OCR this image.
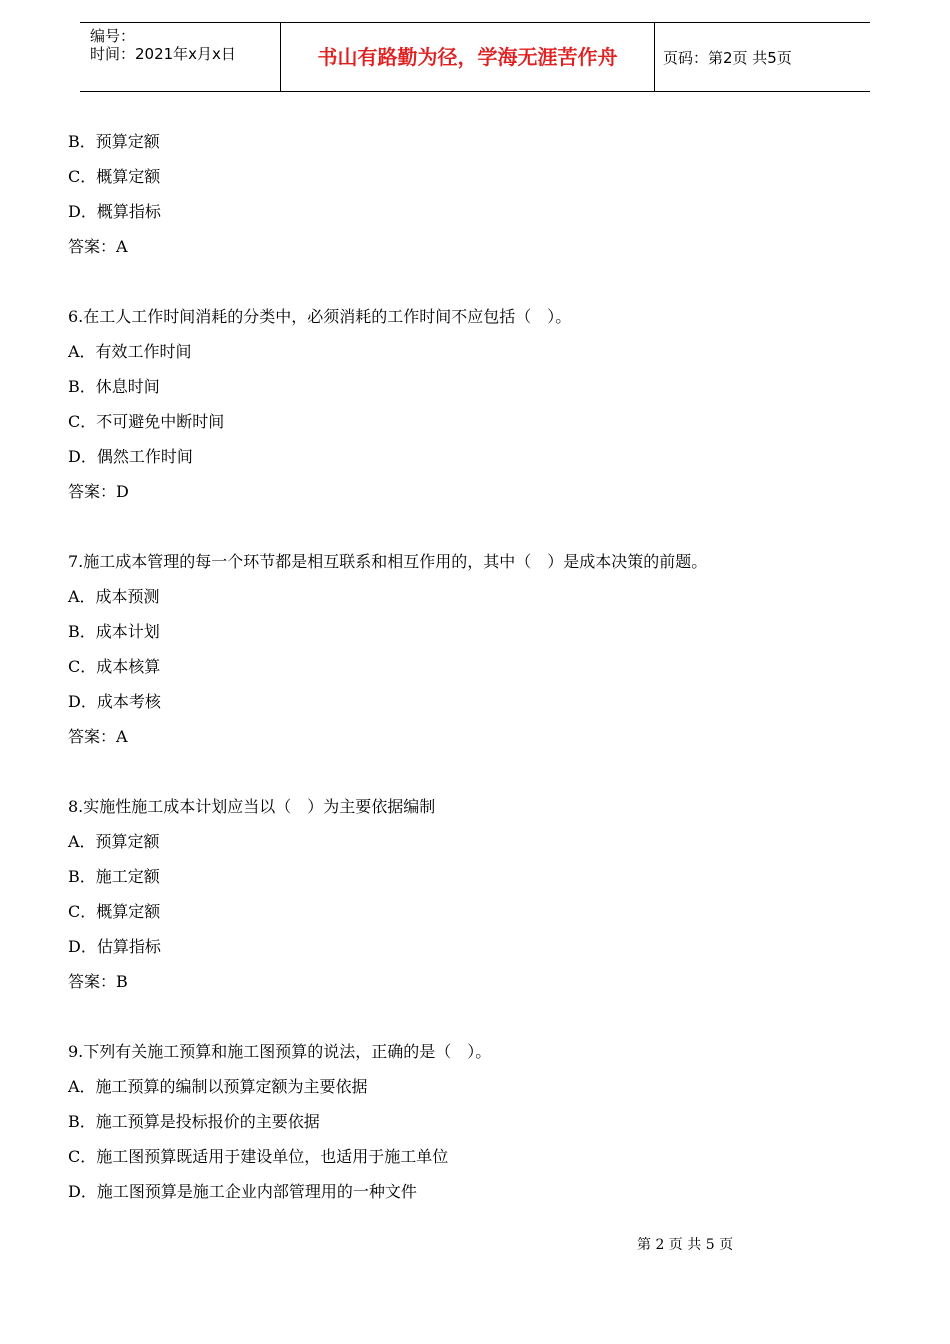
编号：
时间：2021年x月x日	书山有路勤为径，学海无涯苦作舟	页码：第2页 共5页
B．预算定额
C．概算定额
D．概算指标
答案：A
6.在工人工作时间消耗的分类中，必须消耗的工作时间不应包括（　）。
A．有效工作时间
B．休息时间
C．不可避免中断时间
D．偶然工作时间
答案：D
7.施工成本管理的每一个环节都是相互联系和相互作用的，其中（　）是成本决策的前题。
A．成本预测
B．成本计划
C．成本核算
D．成本考核
答案：A
8.实施性施工成本计划应当以（　）为主要依据编制
A．预算定额
B．施工定额
C．概算定额
D．估算指标
答案：B
9.下列有关施工预算和施工图预算的说法，正确的是（　）。
A．施工预算的编制以预算定额为主要依据
B．施工预算是投标报价的主要依据
C．施工图预算既适用于建设单位，也适用于施工单位
D．施工图预算是施工企业内部管理用的一种文件
第 2 页 共 5 页
